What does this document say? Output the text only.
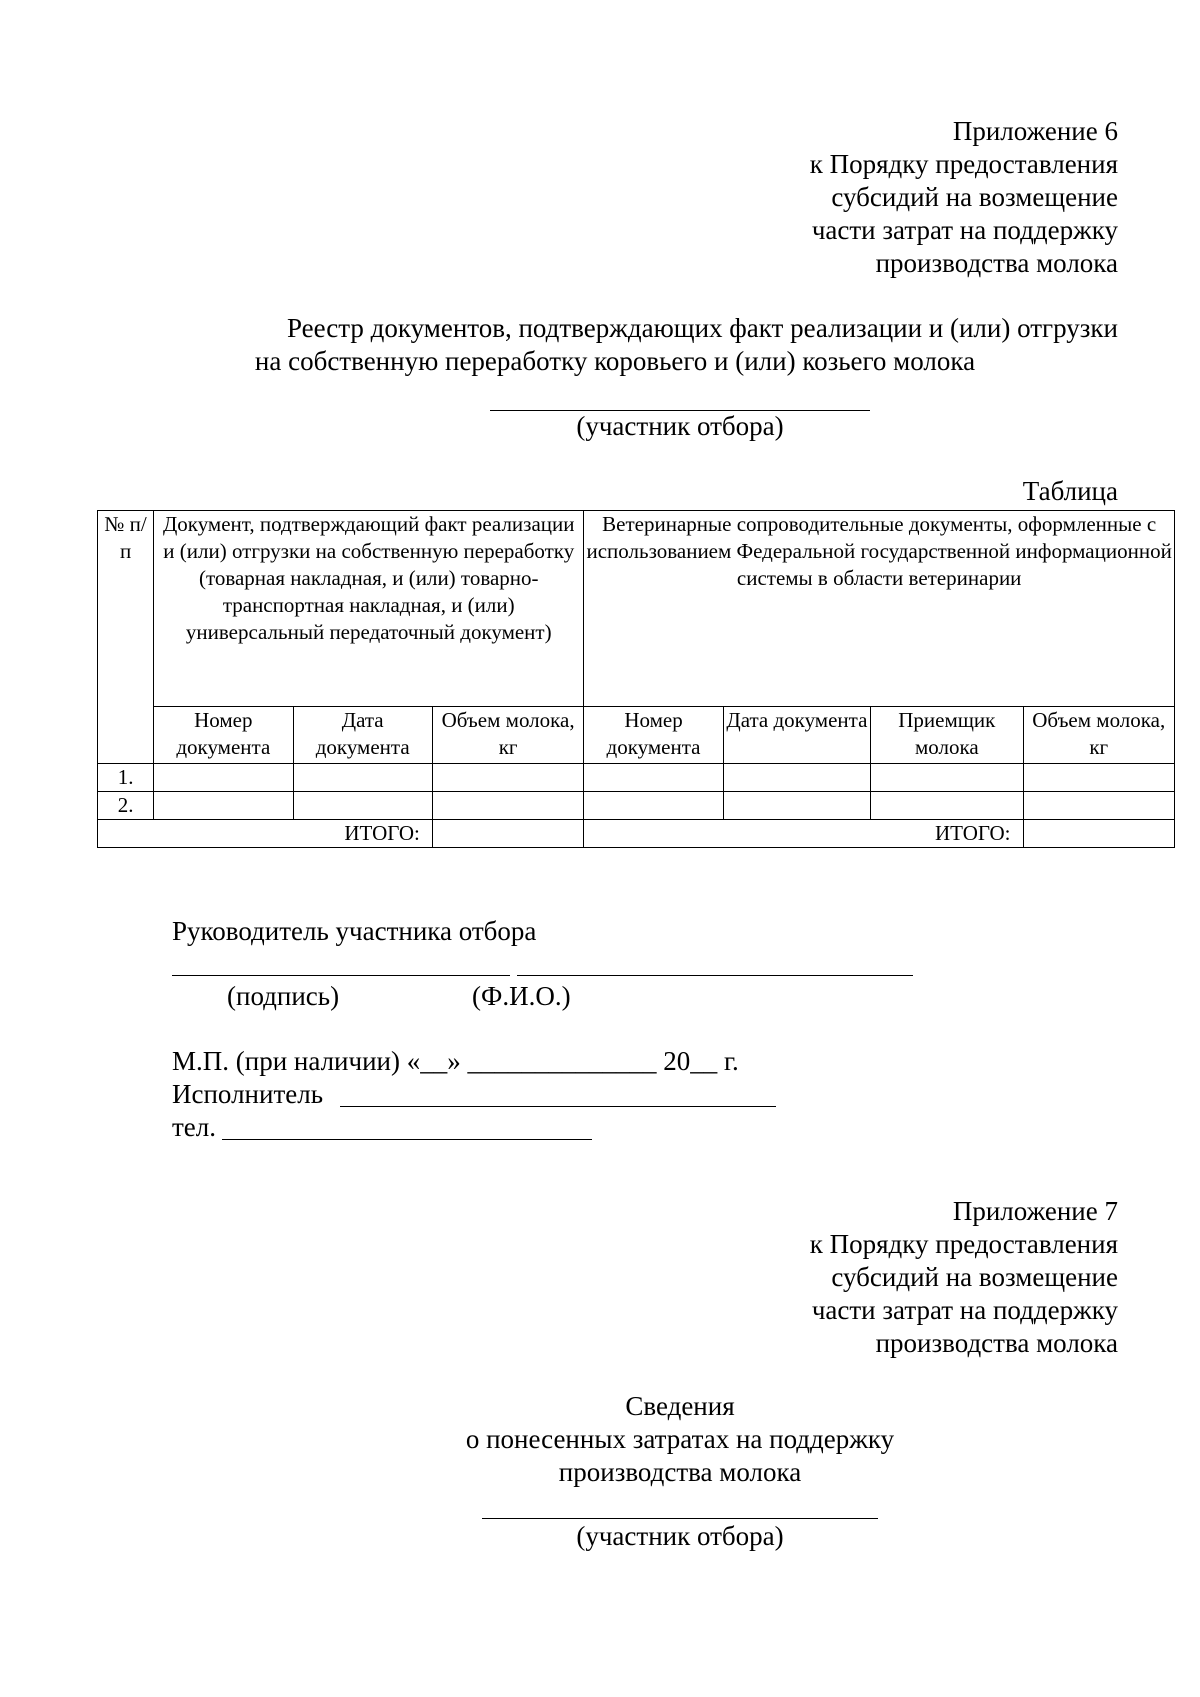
Приложение 6
к Порядку предоставления
субсидий на возмещение
части затрат на поддержку
производства молока
Реестр документов, подтверждающих факт реализации и (или) отгрузки
на собственную переработку коровьего и (или) козьего молока
(участник отбора)
Таблица
№ п/п	Документ, подтверждающий факт реализации и (или) отгрузки на собственную переработку (товарная накладная, и (или) товарно-транспортная накладная, и (или) универсальный передаточный документ)			Ветеринарные сопроводительные документы, оформленные с использованием Федеральной государственной информационной системы в области ветеринарии			
	Номер документа	Дата документа	Объем молока, кг	Номер документа	Дата документа	Приемщик молока	Объем молока, кг
1.							
2.							
ИТОГО:				ИТОГО:			
Руководитель участника отбора
(подпись)	(Ф.И.О.)
М.П. (при наличии) «__» ______________ 20__ г.
Исполнитель
тел.
Приложение 7
к Порядку предоставления
субсидий на возмещение
части затрат на поддержку
производства молока
Сведения
о понесенных затратах на поддержку
производства молока
(участник отбора)
